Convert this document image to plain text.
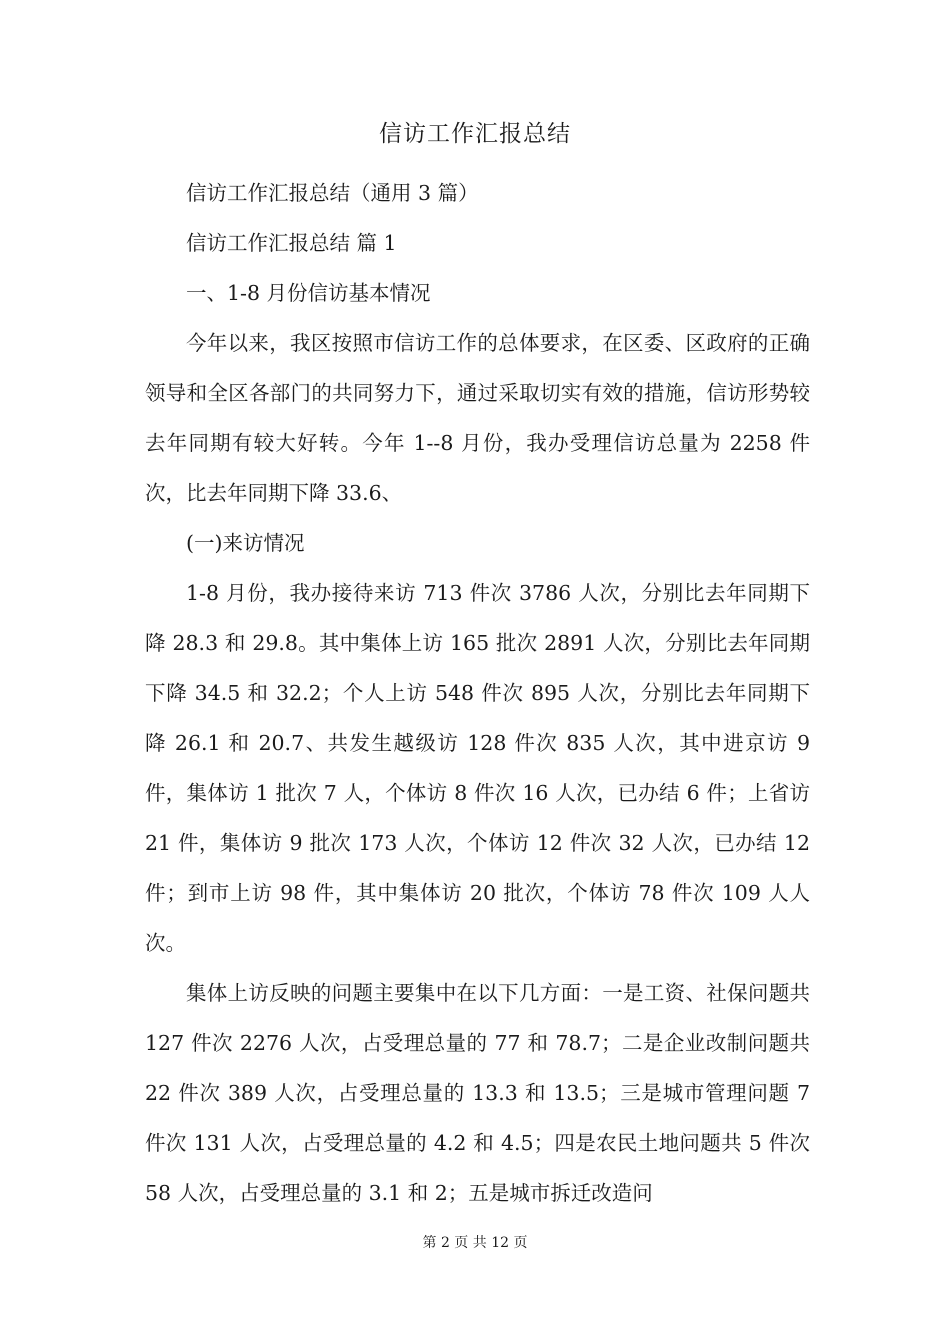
信访工作汇报总结

信访工作汇报总结（通用 3 篇）

信访工作汇报总结 篇 1

一、1-8 月份信访基本情况

今年以来，我区按照市信访工作的总体要求，在区委、区政府的正确领导和全区各部门的共同努力下，通过采取切实有效的措施，信访形势较去年同期有较大好转。今年 1--8 月份，我办受理信访总量为 2258 件次，比去年同期下降 33.6、

(一)来访情况

1-8 月份，我办接待来访 713 件次 3786 人次，分别比去年同期下降 28.3 和 29.8。其中集体上访 165 批次 2891 人次，分别比去年同期下降 34.5 和 32.2；个人上访 548 件次 895 人次，分别比去年同期下降 26.1 和 20.7、共发生越级访 128 件次 835 人次，其中进京访 9 件，集体访 1 批次 7 人，个体访 8 件次 16 人次，已办结 6 件；上省访 21 件，集体访 9 批次 173 人次，个体访 12 件次 32 人次，已办结 12 件；到市上访 98 件，其中集体访 20 批次，个体访 78 件次 109 人人次。

集体上访反映的问题主要集中在以下几方面：一是工资、社保问题共 127 件次 2276 人次，占受理总量的 77 和 78.7；二是企业改制问题共 22 件次 389 人次，占受理总量的 13.3 和 13.5；三是城市管理问题 7 件次 131 人次，占受理总量的 4.2 和 4.5；四是农民土地问题共 5 件次 58 人次，占受理总量的 3.1 和 2；五是城市拆迁改造问

第 2 页 共 12 页
